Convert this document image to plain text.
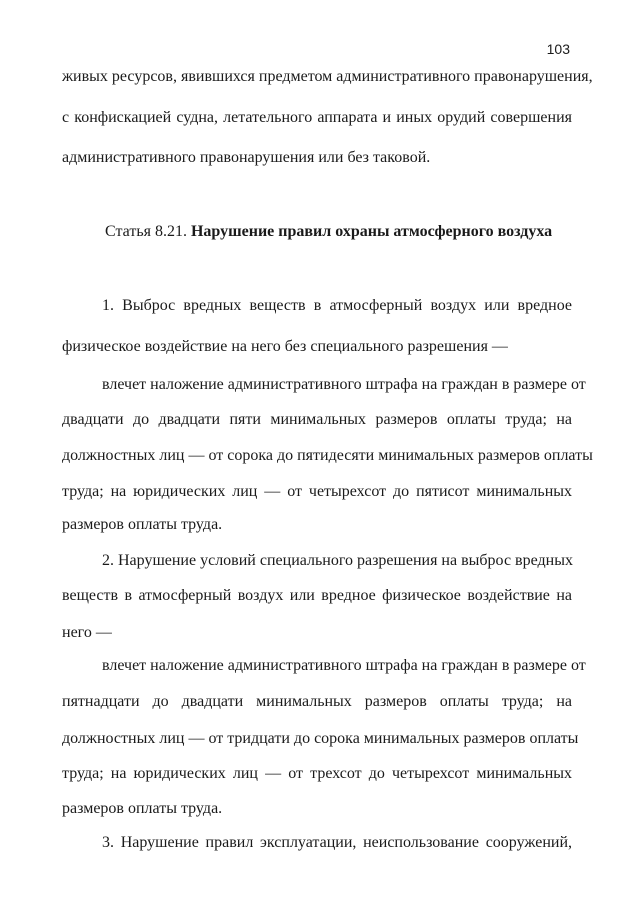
103
живых ресурсов, явившихся предметом административного правонарушения,
с конфискацией судна, летательного аппарата и иных орудий совершения
административного правонарушения или без таковой.
Статья 8.21. Нарушение правил охраны атмосферного воздуха
1. Выброс вредных веществ в атмосферный воздух или вредное
физическое воздействие на него без специального разрешения —
влечет наложение административного штрафа на граждан в размере от
двадцати до двадцати пяти минимальных размеров оплаты труда; на
должностных лиц — от сорока до пятидесяти минимальных размеров оплаты
труда; на юридических лиц — от четырехсот до пятисот минимальных
размеров оплаты труда.
2. Нарушение условий специального разрешения на выброс вредных
веществ в атмосферный воздух или вредное физическое воздействие на
него —
влечет наложение административного штрафа на граждан в размере от
пятнадцати до двадцати минимальных размеров оплаты труда; на
должностных лиц — от тридцати до сорока минимальных размеров оплаты
труда; на юридических лиц — от трехсот до четырехсот минимальных
размеров оплаты труда.
3. Нарушение правил эксплуатации, неиспользование сооружений,
